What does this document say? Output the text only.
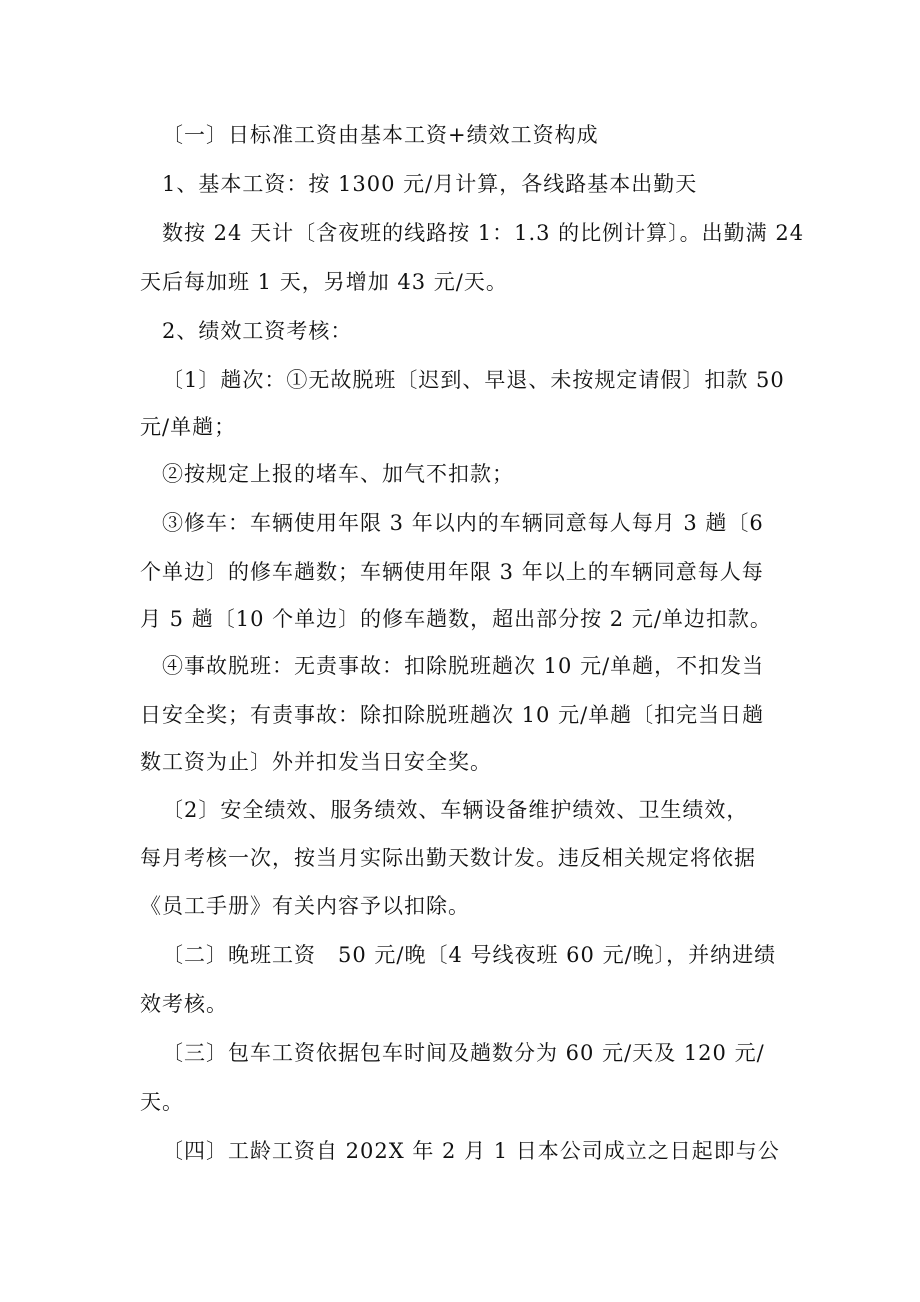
〔一〕日标准工资由基本工资+绩效工资构成
1、基本工资：按 1300 元/月计算，各线路基本出勤天
数按 24 天计〔含夜班的线路按 1：1.3 的比例计算〕。出勤满 24
天后每加班 1 天，另增加 43 元/天。
2、绩效工资考核：
〔1〕趟次：①无故脱班〔迟到、早退、未按规定请假〕扣款 50
元/单趟；
②按规定上报的堵车、加气不扣款；
③修车：车辆使用年限 3 年以内的车辆同意每人每月 3 趟〔6
个单边〕的修车趟数；车辆使用年限 3 年以上的车辆同意每人每
月 5 趟〔10 个单边〕的修车趟数，超出部分按 2 元/单边扣款。
④事故脱班：无责事故：扣除脱班趟次 10 元/单趟，不扣发当
日安全奖；有责事故：除扣除脱班趟次 10 元/单趟〔扣完当日趟
数工资为止〕外并扣发当日安全奖。
〔2〕安全绩效、服务绩效、车辆设备维护绩效、卫生绩效，
每月考核一次，按当月实际出勤天数计发。违反相关规定将依据
《员工手册》有关内容予以扣除。
〔二〕晚班工资　50 元/晚〔4 号线夜班 60 元/晚〕，并纳进绩
效考核。
〔三〕包车工资依据包车时间及趟数分为 60 元/天及 120 元/
天。
〔四〕工龄工资自 202X 年 2 月 1 日本公司成立之日起即与公
